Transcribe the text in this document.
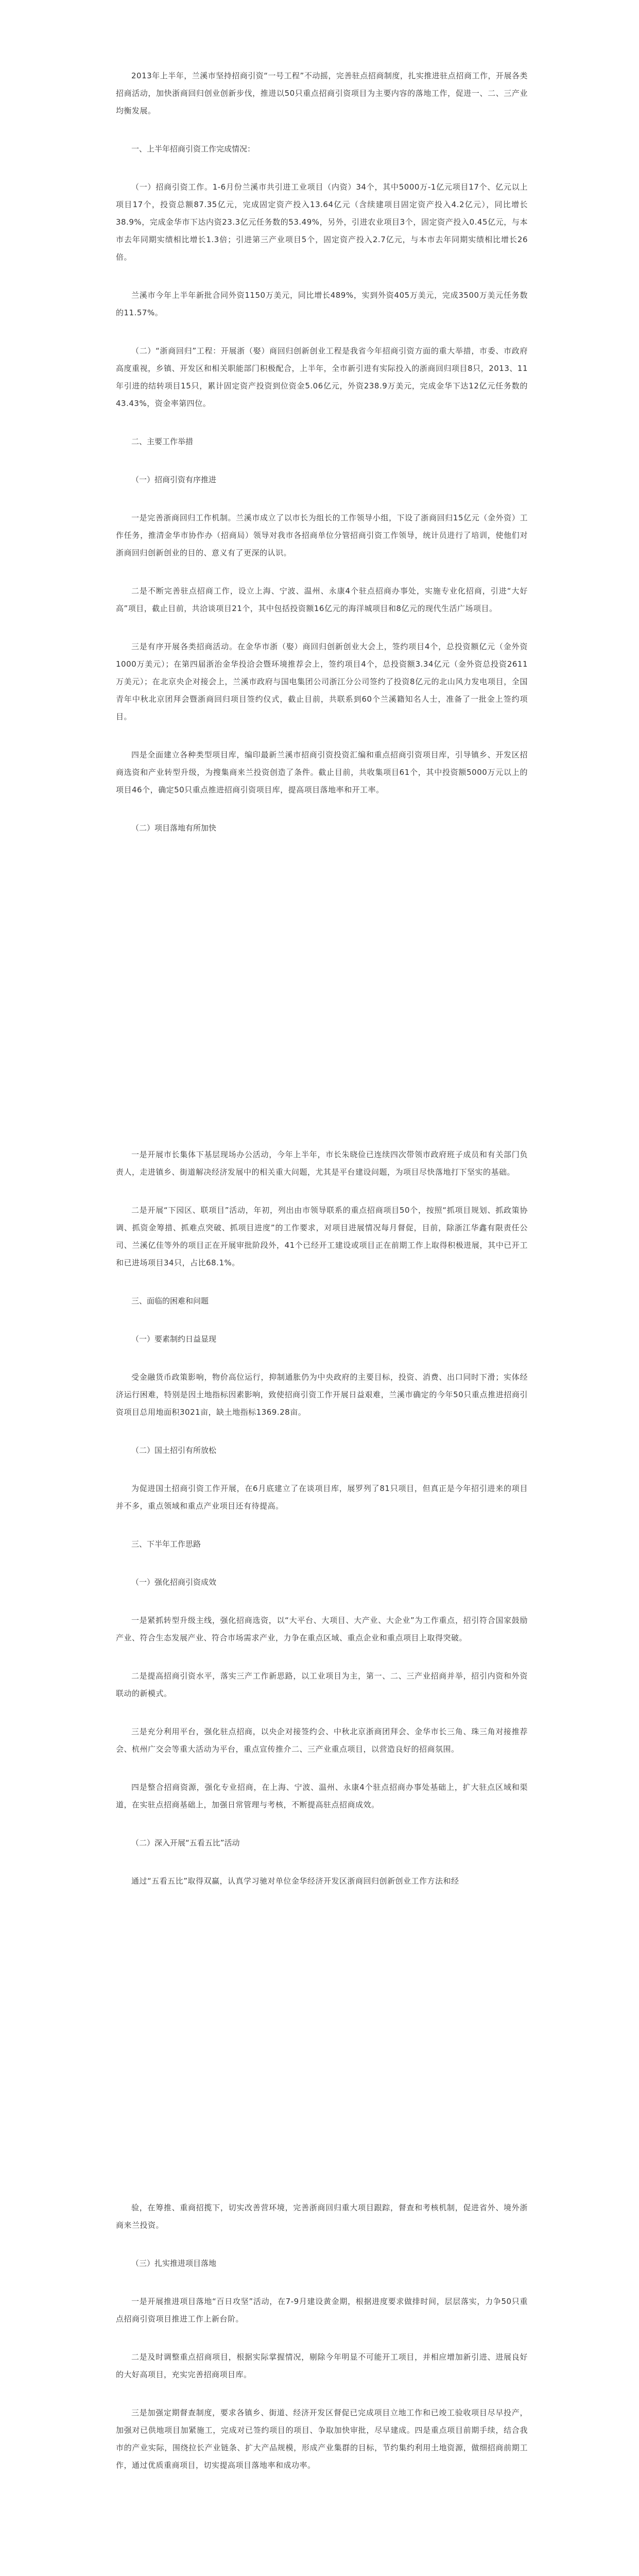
2013年上半年，兰溪市坚持招商引资“一号工程”不动摇，完善驻点招商制度，扎实推进驻点招商工作，开展各类招商活动，加快浙商回归创业创新步伐，推进以50只重点招商引资项目为主要内容的落地工作，促进一、二、三产业均衡发展。

一、上半年招商引资工作完成情况：

（一）招商引资工作。1-6月份兰溪市共引进工业项目（内资）34个，其中5000万-1亿元项目17个、亿元以上项目17个，投资总额87.35亿元，完成固定资产投入13.64亿元（含续建项目固定资产投入4.2亿元），同比增长38.9%，完成金华市下达内资23.3亿元任务数的53.49%，另外，引进农业项目3个，固定资产投入0.45亿元，与本市去年同期实绩相比增长1.3倍；引进第三产业项目5个，固定资产投入2.7亿元，与本市去年同期实绩相比增长26倍。

兰溪市今年上半年新批合同外资1150万美元，同比增长489%，实到外资405万美元，完成3500万美元任务数的11.57%。

（二）“浙商回归”工程：开展浙（娶）商回归创新创业工程是我省今年招商引资方面的重大举措，市委、市政府高度重视，乡镇、开发区和相关职能部门积极配合，上半年，全市新引进有实际投入的浙商回归项目8只，2013、11年引进的结转项目15只，累计固定资产投资到位资金5.06亿元，外资238.9万美元，完成金华下达12亿元任务数的43.43%，资金率第四位。

二、主要工作举措

（一）招商引资有序推进

一是完善浙商回归工作机制。兰溪市成立了以市长为组长的工作领导小组，下设了浙商回归15亿元（金外资）工作任务，推清金华市协作办（招商局）领导对我市各招商单位分管招商引资工作领导，统计员进行了培训，使他们对浙商回归创新创业的目的、意义有了更深的认识。

二是不断完善驻点招商工作，设立上海、宁波、温州、永康4个驻点招商办事处，实施专业化招商，引进“大好高”项目，截止目前，共洽谈项目21个，其中包括投资额16亿元的海洋城项目和8亿元的现代生活广场项目。

三是有序开展各类招商活动。在金华市浙（娶）商回归创新创业大会上，签约项目4个，总投资额亿元（金外资1000万美元）；在第四届浙治金华投洽会暨环境推荐会上，签约项目4个，总投资额3.34亿元（金外资总投资2611万美元）；在北京央企对接会上，兰溪市政府与国电集团公司浙江分公司签约了投资8亿元的北山风力发电项目，全国青年中秋北京团拜会暨浙商回归项目签约仪式，截止目前，共联系到60个兰溪籍知名人士，准备了一批金上签约项目。

四是全面建立各种类型项目库，编印最新兰溪市招商引资投资汇编和重点招商引资项目库，引导镇乡、开发区招商选资和产业转型升级，为搜集商来兰投资创造了条件。截止目前，共收集项目61个，其中投资额5000万元以上的项目46个，确定50只重点推进招商引资项目库，提高项目落地率和开工率。

（二）项目落地有所加快

一是开展市长集体下基层现场办公活动，今年上半年，市长朱晓俭已连续四次带领市政府班子成员和有关部门负责人，走进镇乡、街道解决经济发展中的相关重大问题，尤其是平台建设问题，为项目尽快落地打下坚实的基础。

二是开展“下园区、联项目”活动，年初，列出由市领导联系的重点招商项目50个，按照“抓项目规划、抓政策协调、抓资金筹措、抓难点突破、抓项目进度”的工作要求，对项目进展情况每月督促，目前，除浙江华鑫有限责任公司、兰溪亿佳等外的项目正在开展审批阶段外，41个已经开工建设或项目正在前期工作上取得积极进展，其中已开工和已进场项目34只，占比68.1%。

三、面临的困难和问题

（一）要素制约日益显现

受金融货币政策影响，物价高位运行，抑制通胀仍为中央政府的主要目标，投资、消费、出口同时下滑；实体经济运行困难，特别是因土地指标因素影响，致使招商引资工作开展日益艰难，兰溪市确定的今年50只重点推进招商引资项目总用地面积3021亩，缺土地指标1369.28亩。

（二）国土招引有所放松

为促进国土招商引资工作开展，在6月底建立了在谈项目库，展罗列了81只项目，但真正是今年招引进来的项目并不多，重点领域和重点产业项目还有待提高。

三、下半年工作思路

（一）强化招商引资成效

一是紧抓转型升级主线，强化招商选资，以“大平台、大项目、大产业、大企业”为工作重点，招引符合国家鼓励产业、符合生态发展产业、符合市场需求产业，力争在重点区域、重点企业和重点项目上取得突破。

二是提高招商引资水平，落实三产工作新思路，以工业项目为主，第一、二、三产业招商并举，招引内资和外资联动的新模式。

三是充分利用平台，强化驻点招商，以央企对接签约会、中秋北京浙商团拜会、金华市长三角、珠三角对接推荐会、杭州广交会等重大活动为平台，重点宣传推介二、三产业重点项目，以营造良好的招商氛围。

四是整合招商资源，强化专业招商，在上海、宁波、温州、永康4个驻点招商办事处基础上，扩大驻点区域和渠道，在实驻点招商基础上，加强日常管理与考核，不断提高驻点招商成效。

（二）深入开展“五看五比”活动

通过“五看五比”取得双赢，认真学习驰对单位金华经济开发区浙商回归创新创业工作方法和经

验，在筹推、重商招揽下，切实改善营环境，完善浙商回归重大项目跟踪，督查和考核机制，促进省外、境外浙商来兰投资。

（三）扎实推进项目落地

一是开展推进项目落地“百日攻坚”活动，在7-9月建设黄金期，根据进度要求做排时间，层层落实，力争50只重点招商引资项目推进工作上新台阶。

二是及时调整重点招商项目，根据实际掌握情况，剔除今年明显不可能开工项目，并相应增加新引进、进展良好的大好高项目，充实完善招商项目库。

三是加强定期督查制度，要求各镇乡、街道、经济开发区督促已完成项目立地工作和已竣工验收项目尽早投产，加强对已供地项目加紧施工，完成对已签约项目的项目、争取加快审批，尽早建成。四是重点项目前期手续，结合我市的产业实际，围绕拉长产业链条、扩大产品规模，形成产业集群的目标，节约集约利用土地资源，做细招商前期工作，通过优质重商项目，切实提高项目落地率和成功率。
